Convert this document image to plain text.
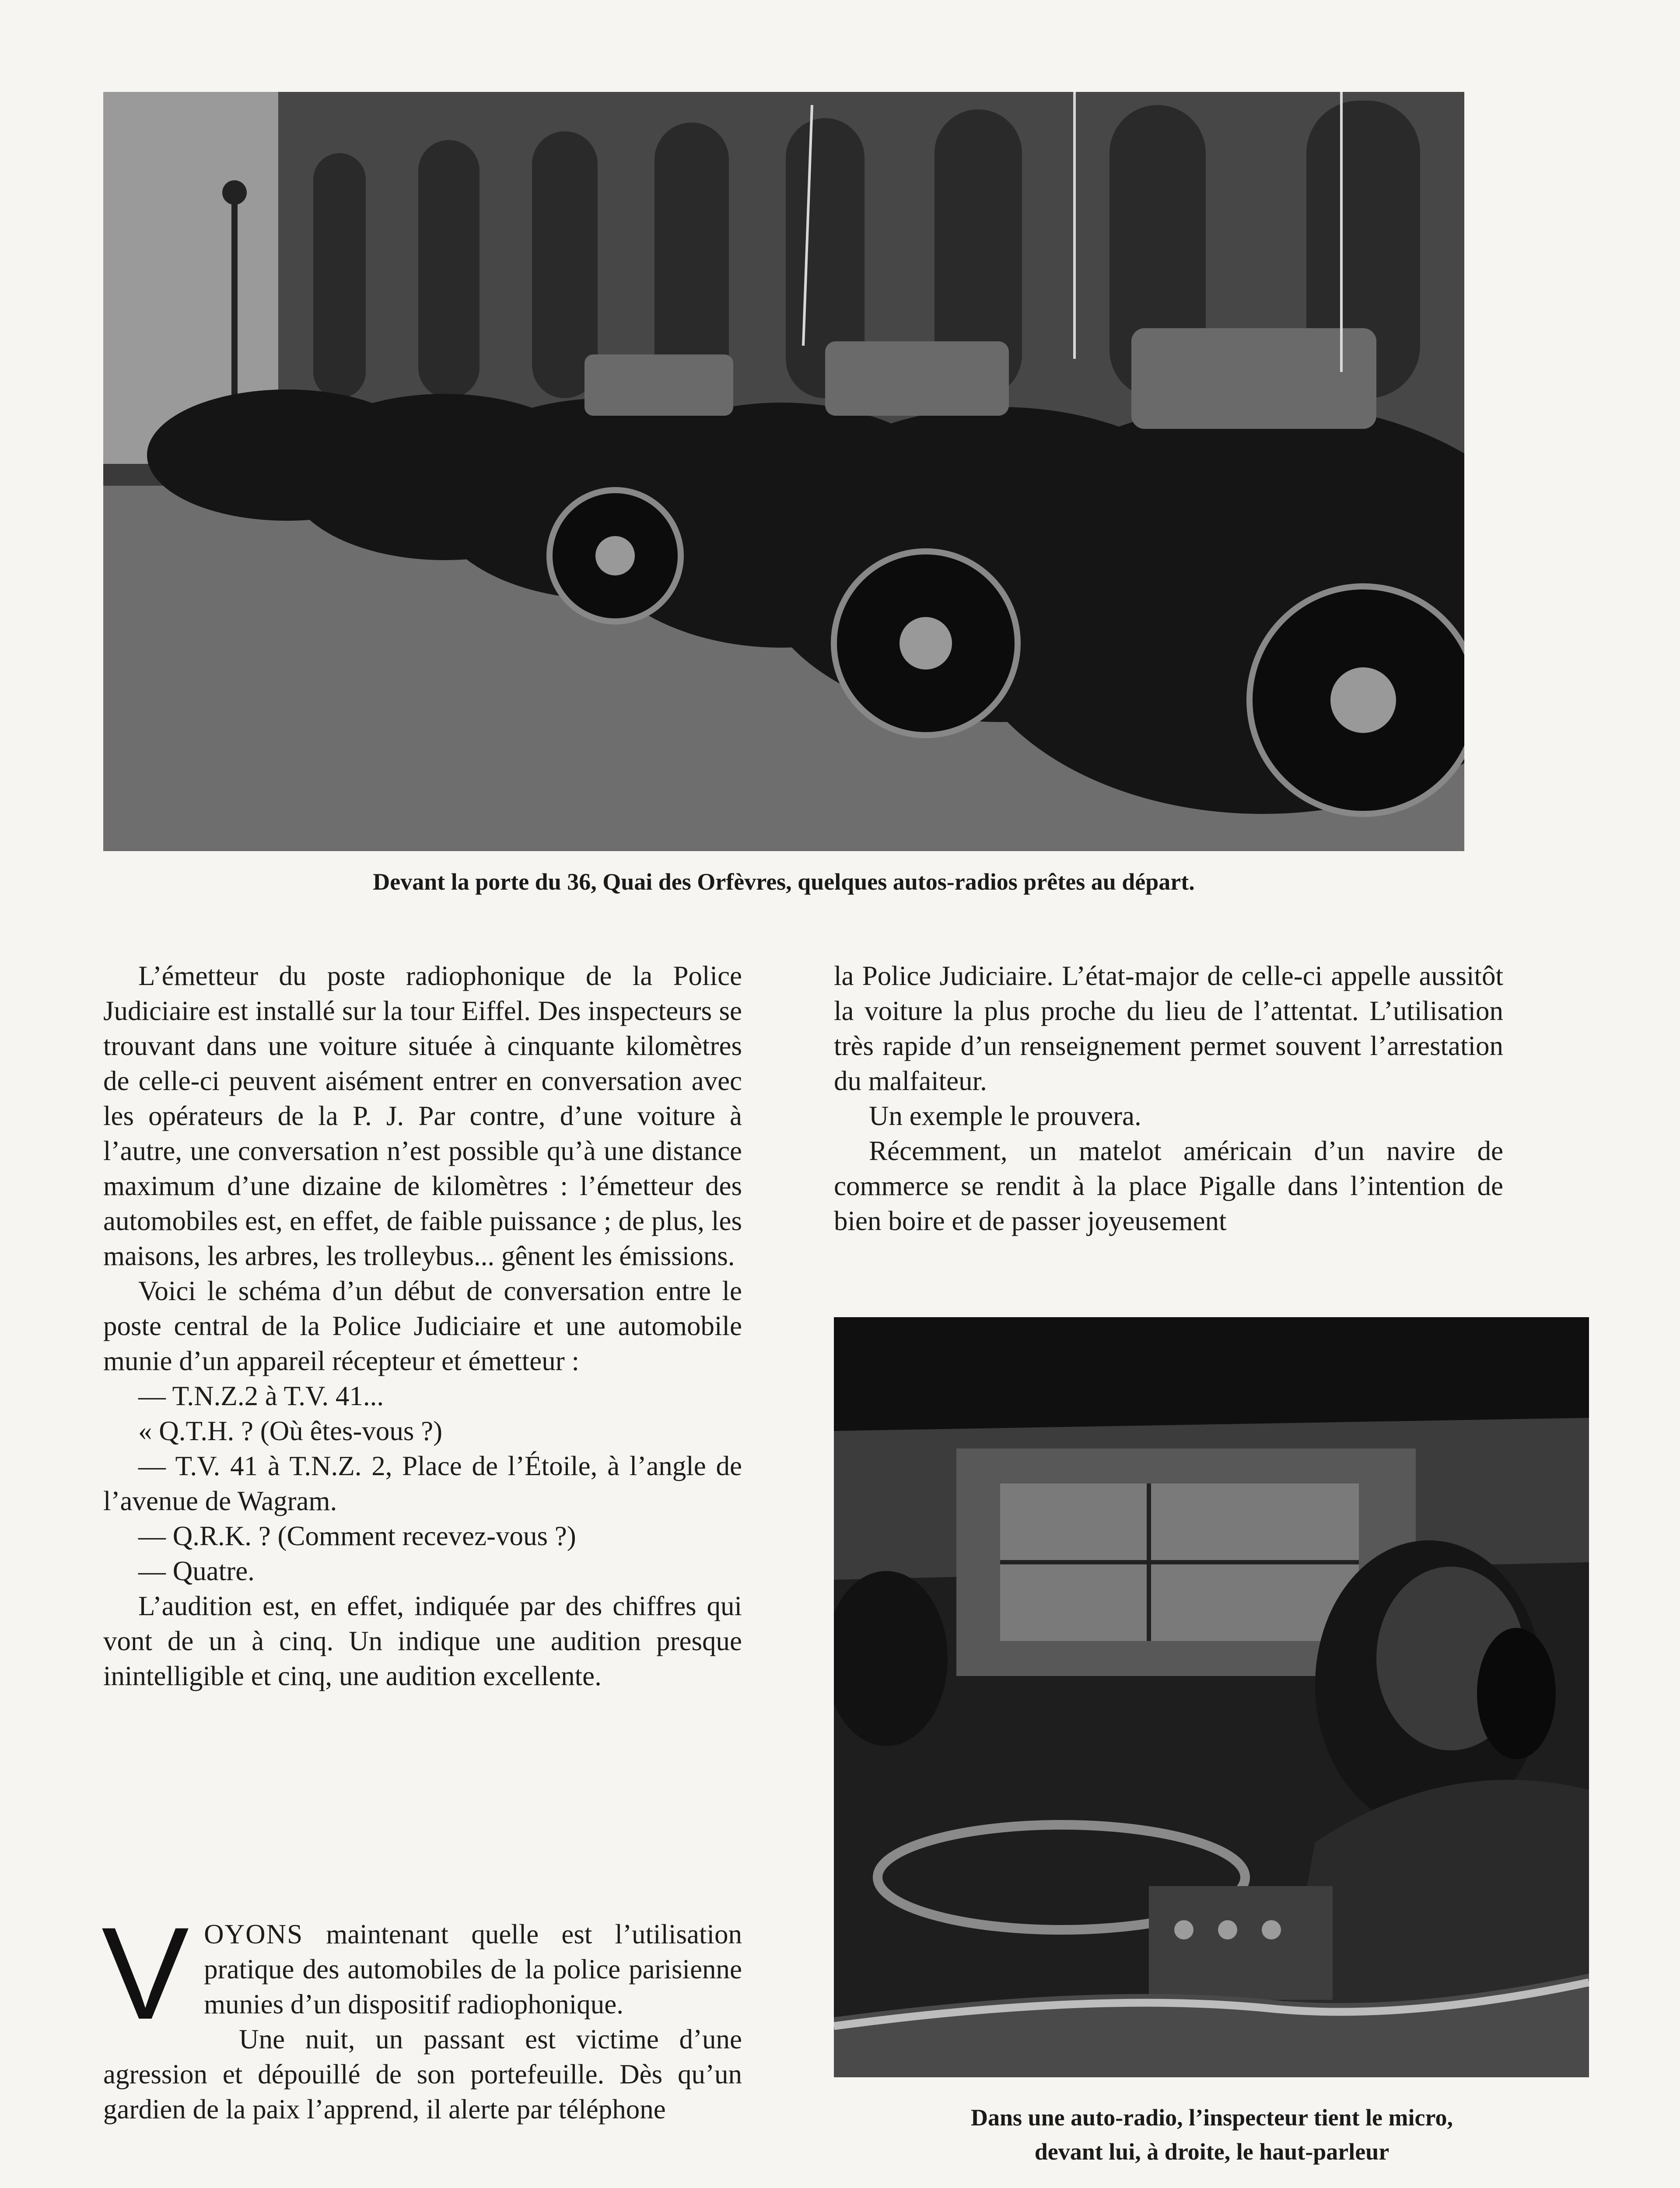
Devant la porte du 36, Quai des Orfèvres, quelques autos-radios prêtes au départ.

L’émetteur du poste radiophonique de la Police Judiciaire est installé sur la tour Eiffel. Des inspecteurs se trouvant dans une voiture située à cinquante kilomètres de celle-ci peuvent aisément entrer en conversation avec les opérateurs de la P. J. Par contre, d’une voiture à l’autre, une conversation n’est possible qu’à une distance maximum d’une dizaine de kilomètres : l’émetteur des automobiles est, en effet, de faible puissance ; de plus, les maisons, les arbres, les trolleybus... gênent les émissions.

Voici le schéma d’un début de conversation entre le poste central de la Police Judiciaire et une automobile munie d’un appareil récepteur et émetteur :

— T.N.Z.2 à T.V. 41...

« Q.T.H. ? (Où êtes-vous ?)

— T.V. 41 à T.N.Z. 2, Place de l’Étoile, à l’angle de l’avenue de Wagram.

— Q.R.K. ? (Comment recevez-vous ?)

— Quatre.

L’audition est, en effet, indiquée par des chiffres qui vont de un à cinq. Un indique une audition presque inintelligible et cinq, une audition excellente.

VOYONS maintenant quelle est l’utilisation pratique des automobiles de la police parisienne munies d’un dispositif radiophonique.

Une nuit, un passant est victime d’une agression et dépouillé de son portefeuille. Dès qu’un gardien de la paix l’apprend, il alerte par téléphone

la Police Judiciaire. L’état-major de celle-ci appelle aussitôt la voiture la plus proche du lieu de l’attentat. L’utilisation très rapide d’un renseignement permet souvent l’arrestation du malfaiteur.

Un exemple le prouvera.

Récemment, un matelot américain d’un navire de commerce se rendit à la place Pigalle dans l’intention de bien boire et de passer joyeusement

Dans une auto-radio, l’inspecteur tient le micro,
devant lui, à droite, le haut-parleur
